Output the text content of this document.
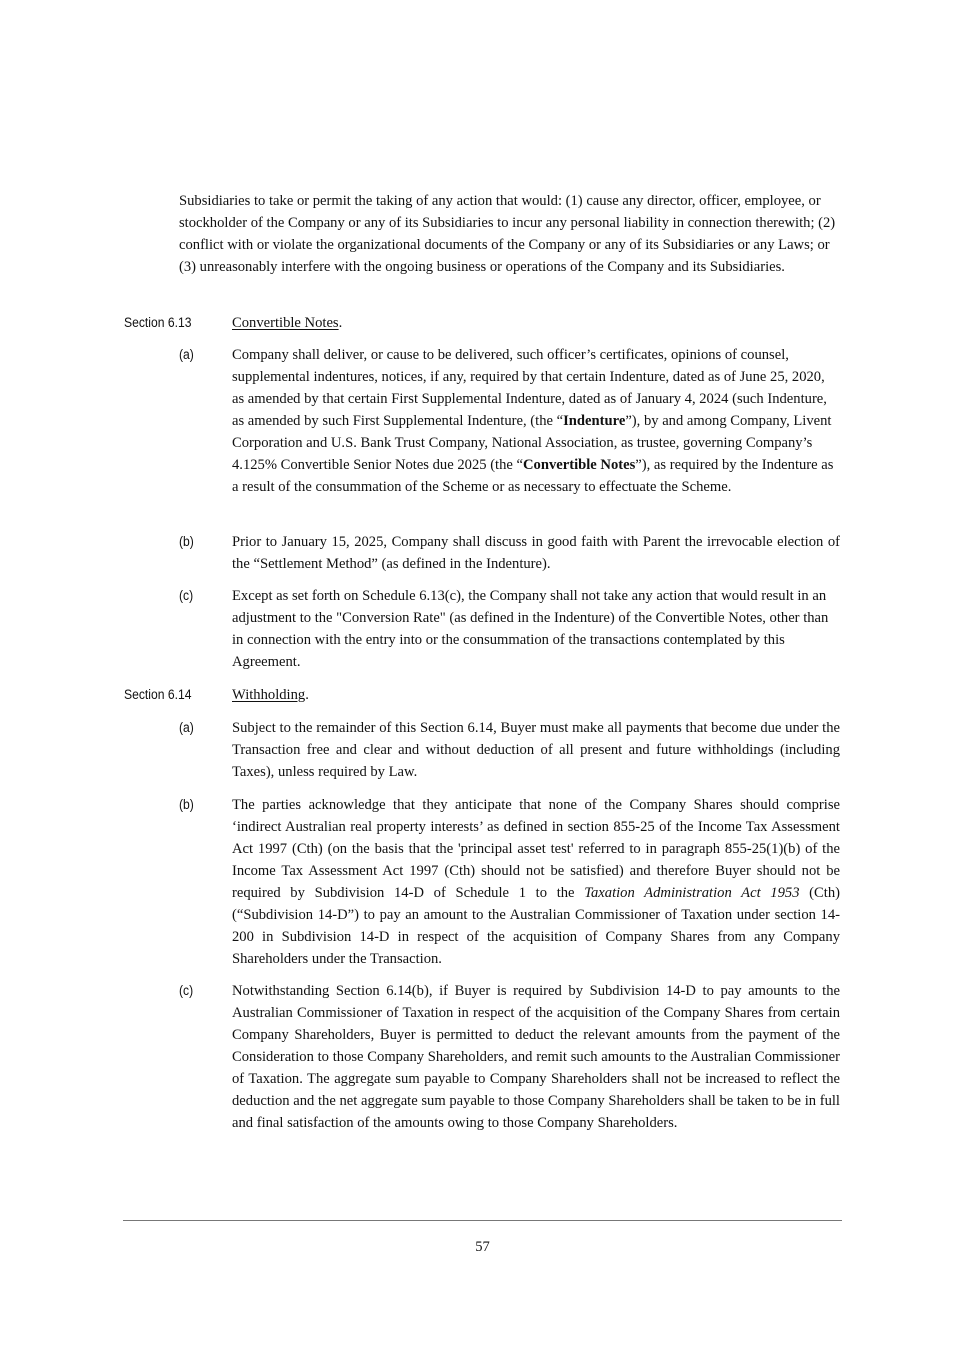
Subsidiaries to take or permit the taking of any action that would: (1) cause any director, officer, employee, or stockholder of the Company or any of its Subsidiaries to incur any personal liability in connection therewith; (2) conflict with or violate the organizational documents of the Company or any of its Subsidiaries or any Laws; or (3) unreasonably interfere with the ongoing business or operations of the Company and its Subsidiaries.
Section 6.13	Convertible Notes.
(a)	Company shall deliver, or cause to be delivered, such officer’s certificates, opinions of counsel, supplemental indentures, notices, if any, required by that certain Indenture, dated as of June 25, 2020, as amended by that certain First Supplemental Indenture, dated as of January 4, 2024 (such Indenture, as amended by such First Supplemental Indenture, (the “Indenture”), by and among Company, Livent Corporation and U.S. Bank Trust Company, National Association, as trustee, governing Company’s 4.125% Convertible Senior Notes due 2025 (the “Convertible Notes”), as required by the Indenture as a result of the consummation of the Scheme or as necessary to effectuate the Scheme.
(b)	Prior to January 15, 2025, Company shall discuss in good faith with Parent the irrevocable election of the “Settlement Method” (as defined in the Indenture).
(c)	Except as set forth on Schedule 6.13(c), the Company shall not take any action that would result in an adjustment to the "Conversion Rate" (as defined in the Indenture) of the Convertible Notes, other than in connection with the entry into or the consummation of the transactions contemplated by this Agreement.
Section 6.14	Withholding.
(a)	Subject to the remainder of this Section 6.14, Buyer must make all payments that become due under the Transaction free and clear and without deduction of all present and future withholdings (including Taxes), unless required by Law.
(b)	The parties acknowledge that they anticipate that none of the Company Shares should comprise ‘indirect Australian real property interests’ as defined in section 855-25 of the Income Tax Assessment Act 1997 (Cth) (on the basis that the 'principal asset test' referred to in paragraph 855-25(1)(b) of the Income Tax Assessment Act 1997 (Cth) should not be satisfied) and therefore Buyer should not be required by Subdivision 14-D of Schedule 1 to the Taxation Administration Act 1953 (Cth) (“Subdivision 14-D”) to pay an amount to the Australian Commissioner of Taxation under section 14-200 in Subdivision 14-D in respect of the acquisition of Company Shares from any Company Shareholders under the Transaction.
(c)	Notwithstanding Section 6.14(b), if Buyer is required by Subdivision 14-D to pay amounts to the Australian Commissioner of Taxation in respect of the acquisition of the Company Shares from certain Company Shareholders, Buyer is permitted to deduct the relevant amounts from the payment of the Consideration to those Company Shareholders, and remit such amounts to the Australian Commissioner of Taxation. The aggregate sum payable to Company Shareholders shall not be increased to reflect the deduction and the net aggregate sum payable to those Company Shareholders shall be taken to be in full and final satisfaction of the amounts owing to those Company Shareholders.
57
